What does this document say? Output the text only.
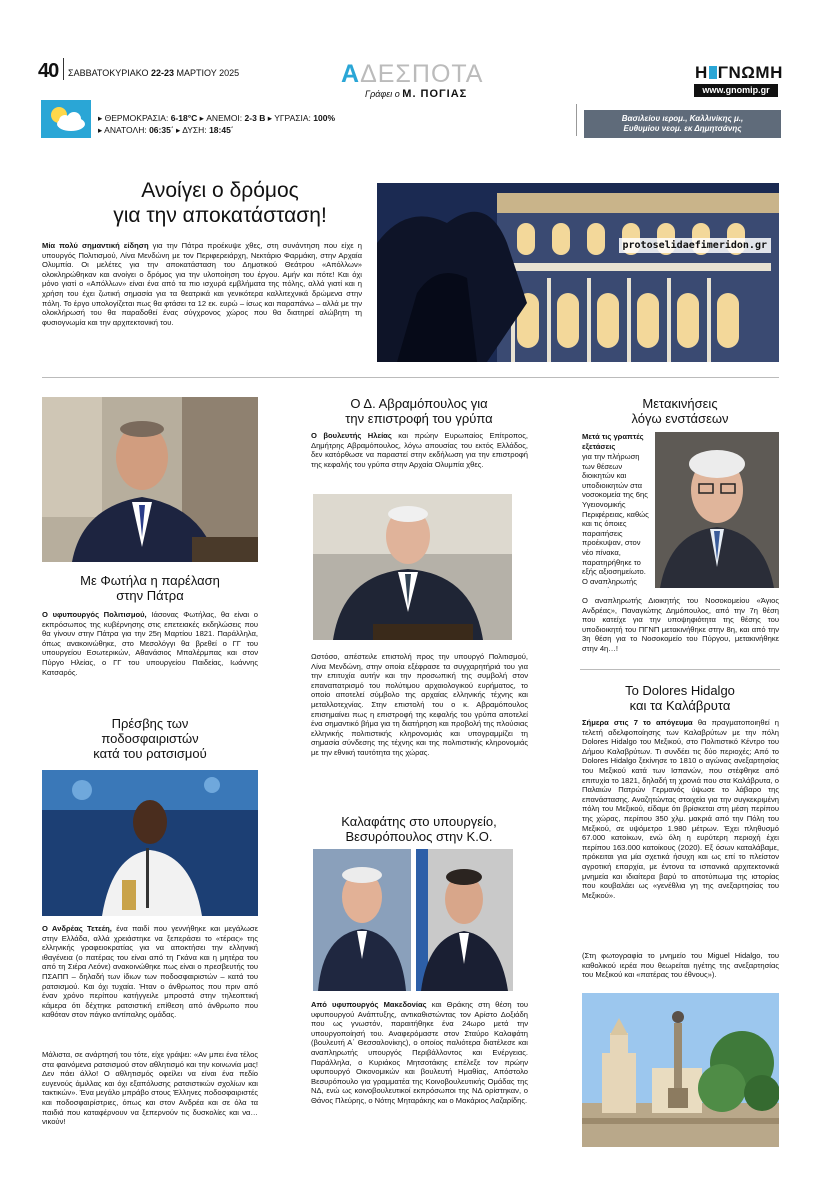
40 ΣΑΒΒΑΤΟΚΥΡΙΑΚΟ 22-23 ΜΑΡΤΙΟΥ 2025	ΑΔΕΣΠΟΤΑ
Γράφει ο Μ. ΠΟΓΙΑΣ
Η ΓΝΩΜΗ
www.gnomip.gr
▸ ΘΕΡΜΟΚΡΑΣΙΑ: 6-18°C ▸ ΑΝΕΜΟΙ: 2-3 Β ▸ ΥΓΡΑΣΙΑ: 100%
▸ ΑΝΑΤΟΛΗ: 06:35΄ ▸ ΔΥΣΗ: 18:45΄
Βασιλείου ιερομ., Καλλινίκης μ.,
Ευθυμίου νεομ. εκ Δημητσάνης
Ανοίγει ο δρόμος
για την αποκατάσταση!

Μία πολύ σημαντική είδηση για την Πάτρα προέκυψε χθες, στη συνάντηση που είχε η υπουργός Πολιτισμού, Λίνα Μενδώνη με τον Περιφερειάρχη, Νεκτάριο Φαρμάκη, στην Αρχαία Ολυμπία. Οι μελέτες για την αποκατάσταση του Δημοτικού Θεάτρου «Απόλλων» ολοκληρώθηκαν και ανοίγει ο δρόμος για την υλοποίηση του έργου. Αμήν και πότε! Και όχι μόνο γιατί ο «Απόλλων» είναι ένα από τα πιο ισχυρά εμβλήματα της πόλης, αλλά γιατί και η χρήση του έχει ζωτική σημασία για τα θεατρικά και γενικότερα καλλιτεχνικά δρώμενα στην πόλη. Το έργο υπολογίζεται πως θα φτάσει τα 12 εκ. ευρώ – ίσως και παραπάνω – αλλά με την ολοκλήρωσή του θα παραδοθεί ένας σύγχρονος χώρος που θα διατηρεί αλώβητη τη φυσιογνωμία και την αρχιτεκτονική του.

protoselidaefimeridon.gr
Με Φωτήλα η παρέλαση
στην Πάτρα

Ο υφυπουργός Πολιτισμού, Ιάσονας Φωτήλας, θα είναι ο εκπρόσωπος της κυβέρνησης στις επετειακές εκδηλώσεις που θα γίνουν στην Πάτρα για την 25η Μαρτίου 1821. Παράλληλα, όπως ανακοινώθηκε, στο Μεσολόγγι θα βρεθεί ο ΓΓ του υπουργείου Εσωτερικών, Αθανάσιος Μπαλέρμπας και στον Πύργο Ηλείας, ο ΓΓ του υπουργείου Παιδείας, Ιωάννης Κατσαρός.

Πρέσβης των
ποδοσφαιριστών
κατά του ρατσισμού

Ο Ανδρέας Τετεέη, ένα παιδί που γεννήθηκε και μεγάλωσε στην Ελλάδα, αλλά χρειάστηκε να ξεπεράσει το «τέρας» της ελληνικής γραφειοκρατίας για να αποκτήσει την ελληνική ιθαγένεια (ο πατέρας του είναι από τη Γκάνα και η μητέρα του από τη Σιέρα Λεόνε) ανακοινώθηκε πως είναι ο πρεσβευτής του ΠΣΑΠΠ – δηλαδή των ίδιων των ποδοσφαιριστών – κατά του ρατσισμού. Και όχι τυχαία. Ήταν ο άνθρωπος που πριν από έναν χρόνο περίπου κατήγγειλε μπροστά στην τηλεοπτική κάμερα ότι δέχτηκε ρατσιστική επίθεση από άνθρωπο που καθόταν στον πάγκο αντίπαλης ομάδας.

Μάλιστα, σε ανάρτησή του τότε, είχε γράψει: «Αν μπει ένα τέλος στα φαινόμενα ρατσισμού στον αθλητισμό και την κοινωνία μας! Δεν πάει άλλο! Ο αθλητισμός οφείλει να είναι ένα πεδίο ευγενούς άμιλλας και όχι εξαπόλυσης ρατσιστικών σχολίων και τακτικών». Ένα μεγάλο μπράβο στους Έλληνες ποδοσφαιριστές και ποδοσφαιρίστριες, όπως και στον Ανδρέα και σε όλα τα παιδιά που καταφέρνουν να ξεπερνούν τις δυσκολίες και να… νικούν!

Ο Δ. Αβραμόπουλος για
την επιστροφή του γρύπα

Ο βουλευτής Ηλείας και πρώην Ευρωπαίος Επίτροπος, Δημήτρης Αβραμόπουλος, λόγω απουσίας του εκτός Ελλάδος, δεν κατόρθωσε να παραστεί στην εκδήλωση για την επιστροφή της κεφαλής του γρύπα στην Αρχαία Ολυμπία χθες.

Ωστόσο, απέστειλε επιστολή προς την υπουργό Πολιτισμού, Λίνα Μενδώνη, στην οποία εξέφρασε τα συγχαρητήριά του για την επιτυχία αυτήν και την προσωπική της συμβολή στον επαναπατρισμό του πολύτιμου αρχαιολογικού ευρήματος, το οποίο αποτελεί σύμβολο της αρχαίας ελληνικής τέχνης και μεταλλοτεχνίας. Στην επιστολή του ο κ. Αβραμόπουλος επισημαίνει πως η επιστροφή της κεφαλής του γρύπα αποτελεί ένα σημαντικό βήμα για τη διατήρηση και προβολή της πλούσιας ελληνικής πολιτιστικής κληρονομιάς και υπογραμμίζει τη σημασία σύνδεσης της τέχνης και της πολιτιστικής κληρονομιάς με την εθνική ταυτότητα της χώρας.

Καλαφάτης στο υπουργείο,
Βεσυρόπουλος στην Κ.Ο.

Από υφυπουργός Μακεδονίας και Θράκης στη θέση του υφυπουργού Ανάπτυξης, αντικαθιστώντας τον Αρίστο Δοξιάδη που ως γνωστόν, παραιτήθηκε ένα 24ωρο μετά την υπουργοποίησή του. Αναφερόμαστε στον Σταύρο Καλαφάτη (βουλευτή Α΄ Θεσσαλονίκης), ο οποίος παλιότερα διατέλεσε και αναπληρωτής υπουργός Περιβάλλοντος και Ενέργειας. Παράλληλα, ο Κυριάκος Μητσοτάκης επέλεξε τον πρώην υφυπουργό Οικονομικών και βουλευτή Ημαθίας, Απόστολο Βεσυρόπουλο για γραμματέα της Κοινοβουλευτικής Ομάδας της ΝΔ, ενώ ως κοινοβουλευτικοί εκπρόσωποι της ΝΔ ορίστηκαν, ο Θάνος Πλεύρης, ο Νότης Μηταράκης και ο Μακάριος Λαζαρίδης.

Μετακινήσεις
λόγω ενστάσεων

Μετά τις γραπτές εξετάσεις

για την πλήρωση των θέσεων διοικητών και υποδιοικητών στα νοσοκομεία της 6ης Υγειονομικής Περιφέρειας, καθώς και τις όποιες παραιτήσεις προέκυψαν, στον νέο πίνακα, παρατηρήθηκε το εξής αξιοσημείωτο. Ο αναπληρωτής

Ο αναπληρωτής Διοικητής του Νοσοκομείου «Άγιος Ανδρέας», Παναγιώτης Δημόπουλος, από την 7η θέση που κατείχε για την υποψηφιότητα της θέσης του υποδιοικητή του ΠΓΝΠ μετακινήθηκε στην 8η, και από την 3η θέση για το Νοσοκομείο του Πύργου, μετακινήθηκε στην 4η…!

Το Dolores Hidalgo
και τα Καλάβρυτα

Σήμερα στις 7 το απόγευμα θα πραγματοποιηθεί η τελετή αδελφοποίησης των Καλαβρύτων με την πόλη Dolores Hidalgo του Μεξικού, στο Πολιτιστικό Κέντρο του Δήμου Καλαβρύτων. Τι συνδέει τις δύο περιοχές; Από το Dolores Hidalgo ξεκίνησε το 1810 ο αγώνας ανεξαρτησίας του Μεξικού κατά των Ισπανών, που στέφθηκε από επιτυχία το 1821, δηλαδή τη χρονιά που στα Καλάβρυτα, ο Παλαιών Πατρών Γερμανός ύψωσε το λάβαρο της επανάστασης. Αναζητώντας στοιχεία για την συγκεκριμένη πόλη του Μεξικού, είδαμε ότι βρίσκεται στη μέση περίπου της χώρας, περίπου 350 χλμ. μακριά από την Πόλη του Μεξικού, σε υψόμετρο 1.980 μέτρων. Έχει πληθυσμό 67.000 κατοίκων, ενώ όλη η ευρύτερη περιοχή έχει περίπου 163.000 κατοίκους (2020). Εξ όσων καταλάβαμε, πρόκειται για μία σχετικά ήσυχη και ως επί το πλείστον αγροτική επαρχία, με έντονα τα ισπανικά αρχιτεκτονικά μνημεία και ιδιαίτερα βαρύ το αποτύπωμα της ιστορίας που κουβαλάει ως «γενέθλια γη της ανεξαρτησίας του Μεξικού».

(Στη φωτογραφία το μνημείο του Miguel Hidalgo, του καθολικού ιερέα που θεωρείται ηγέτης της ανεξαρτησίας του Μεξικού και «πατέρας του έθνους»).
